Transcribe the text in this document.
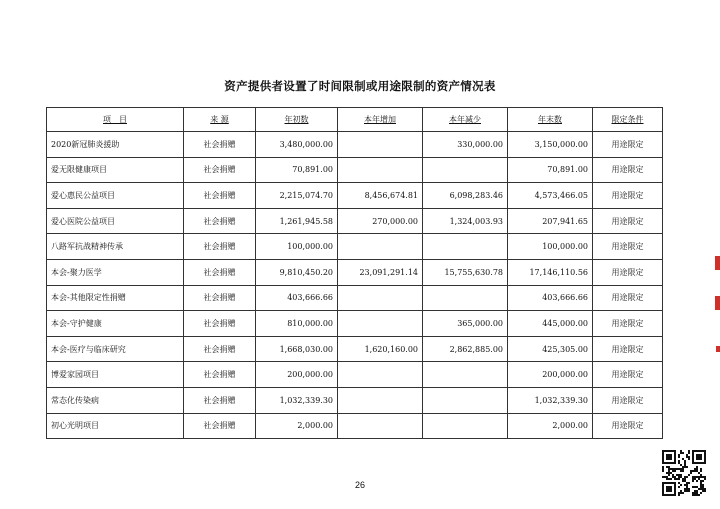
资产提供者设置了时间限制或用途限制的资产情况表
项　目	来 源	年初数	本年增加	本年减少	年末数	限定条件
2020新冠肺炎援助	社会捐赠	3,480,000.00		330,000.00	3,150,000.00	用途限定
爱无限健康项目	社会捐赠	70,891.00			70,891.00	用途限定
爱心惠民公益项目	社会捐赠	2,215,074.70	8,456,674.81	6,098,283.46	4,573,466.05	用途限定
爱心医院公益项目	社会捐赠	1,261,945.58	270,000.00	1,324,003.93	207,941.65	用途限定
八路军抗战精神传承	社会捐赠	100,000.00			100,000.00	用途限定
本会-聚力医学	社会捐赠	9,810,450.20	23,091,291.14	15,755,630.78	17,146,110.56	用途限定
本会-其他限定性捐赠	社会捐赠	403,666.66			403,666.66	用途限定
本会-守护健康	社会捐赠	810,000.00		365,000.00	445,000.00	用途限定
本会-医疗与临床研究	社会捐赠	1,668,030.00	1,620,160.00	2,862,885.00	425,305.00	用途限定
博爱家园项目	社会捐赠	200,000.00			200,000.00	用途限定
常态化传染病	社会捐赠	1,032,339.30			1,032,339.30	用途限定
初心光明项目	社会捐赠	2,000.00			2,000.00	用途限定
26
